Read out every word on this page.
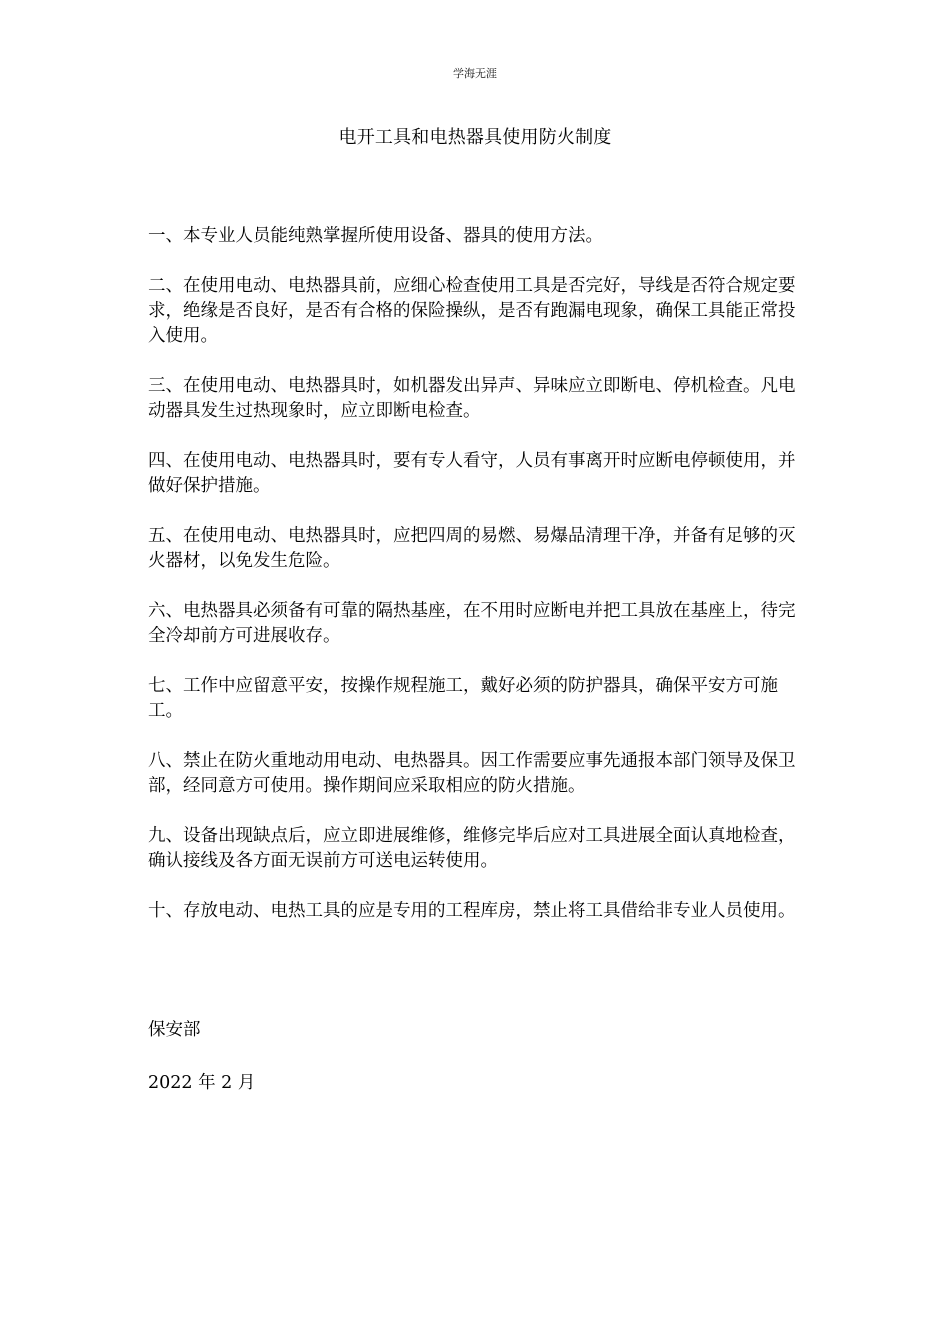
学海无涯
电开工具和电热器具使用防火制度

一、本专业人员能纯熟掌握所使用设备、器具的使用方法。

二、在使用电动、电热器具前，应细心检查使用工具是否完好，导线是否符合规定要求，绝缘是否良好，是否有合格的保险操纵，是否有跑漏电现象，确保工具能正常投入使用。

三、在使用电动、电热器具时，如机器发出异声、异味应立即断电、停机检查。凡电动器具发生过热现象时，应立即断电检查。

四、在使用电动、电热器具时，要有专人看守，人员有事离开时应断电停顿使用，并做好保护措施。

五、在使用电动、电热器具时，应把四周的易燃、易爆品清理干净，并备有足够的灭火器材，以免发生危险。

六、电热器具必须备有可靠的隔热基座，在不用时应断电并把工具放在基座上，待完全冷却前方可进展收存。

七、工作中应留意平安，按操作规程施工，戴好必须的防护器具，确保平安方可施工。

八、禁止在防火重地动用电动、电热器具。因工作需要应事先通报本部门领导及保卫部，经同意方可使用。操作期间应采取相应的防火措施。

九、设备出现缺点后，应立即进展维修，维修完毕后应对工具进展全面认真地检查，确认接线及各方面无误前方可送电运转使用。

十、存放电动、电热工具的应是专用的工程库房，禁止将工具借给非专业人员使用。

保安部
2022 年 2 月
